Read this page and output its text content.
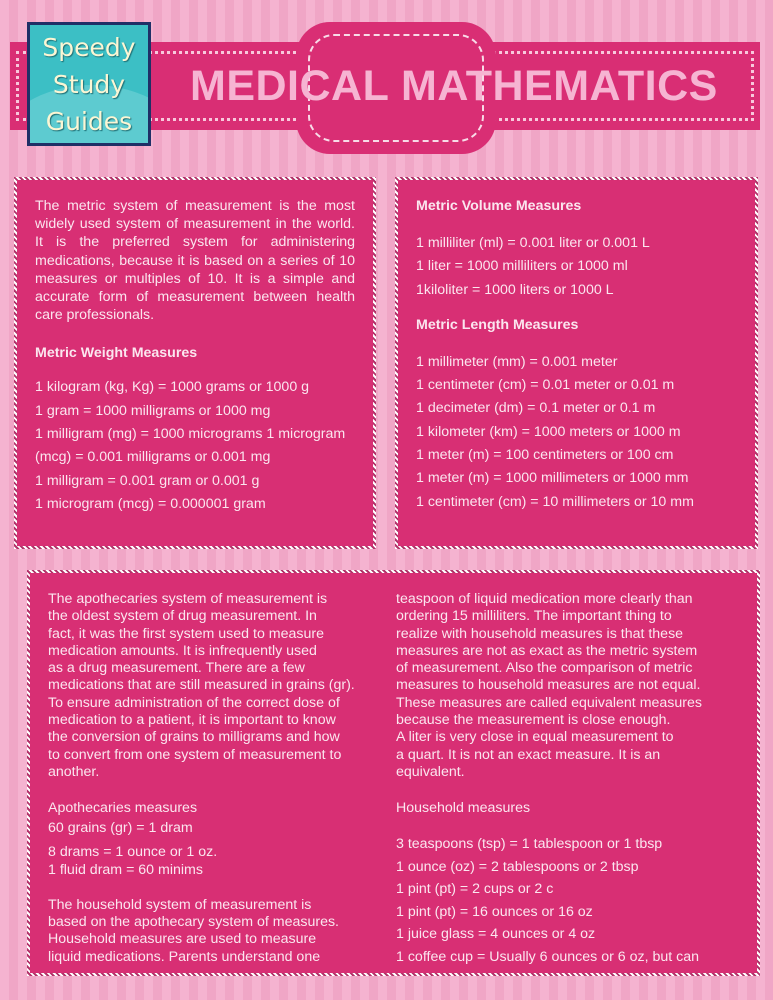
MEDICAL MATHEMATICS
Speedy
Study
Guides

The metric system of measurement is the most widely used system of measurement in the world. It is the preferred system for administering medications, because it is based on a series of 10 measures or multiples of 10. It is a simple and accurate form of measurement between health care professionals.

Metric Weight Measures

1 kilogram (kg, Kg) = 1000 grams or 1000 g
1 gram = 1000 milligrams or 1000 mg
1 milligram (mg) = 1000 micrograms 1 microgram
(mcg) = 0.001 milligrams or 0.001 mg
1 milligram = 0.001 gram or 0.001 g
1 microgram (mcg) = 0.000001 gram

Metric Volume Measures

1 milliliter (ml) = 0.001 liter or 0.001 L
1 liter = 1000 milliliters or 1000 ml
1kiloliter = 1000 liters or 1000 L

Metric Length Measures

1 millimeter (mm) = 0.001 meter
1 centimeter (cm) = 0.01 meter or 0.01 m
1 decimeter (dm) = 0.1 meter or 0.1 m
1 kilometer (km) = 1000 meters or 1000 m
1 meter (m) = 100 centimeters or 100 cm
1 meter (m) = 1000 millimeters or 1000 mm
1 centimeter (cm) = 10 millimeters or 10 mm
The apothecaries system of measurement is
the oldest system of drug measurement. In
fact, it was the first system used to measure
medication amounts. It is infrequently used
as a drug measurement. There are a few
medications that are still measured in grains (gr).
To ensure administration of the correct dose of
medication to a patient, it is important to know
the conversion of grains to milligrams and how
to convert from one system of measurement to
another.

Apothecaries measures

60 grains (gr) = 1 dram
8 drams = 1 ounce or 1 oz.
1 fluid dram = 60 minims
The household system of measurement is
based on the apothecary system of measures.
Household measures are used to measure
liquid medications. Parents understand one
teaspoon of liquid medication more clearly than
ordering 15 milliliters. The important thing to
realize with household measures is that these
measures are not as exact as the metric system
of measurement. Also the comparison of metric
measures to household measures are not equal.
These measures are called equivalent measures
because the measurement is close enough.
A liter is very close in equal measurement to
a quart. It is not an exact measure. It is an
equivalent.

Household measures

3 teaspoons (tsp) = 1 tablespoon or 1 tbsp
1 ounce (oz) = 2 tablespoons or 2 tbsp
1 pint (pt) = 2 cups or 2 c
1 pint (pt) = 16 ounces or 16 oz
1 juice glass = 4 ounces or 4 oz
1 coffee cup = Usually 6 ounces or 6 oz, but can
